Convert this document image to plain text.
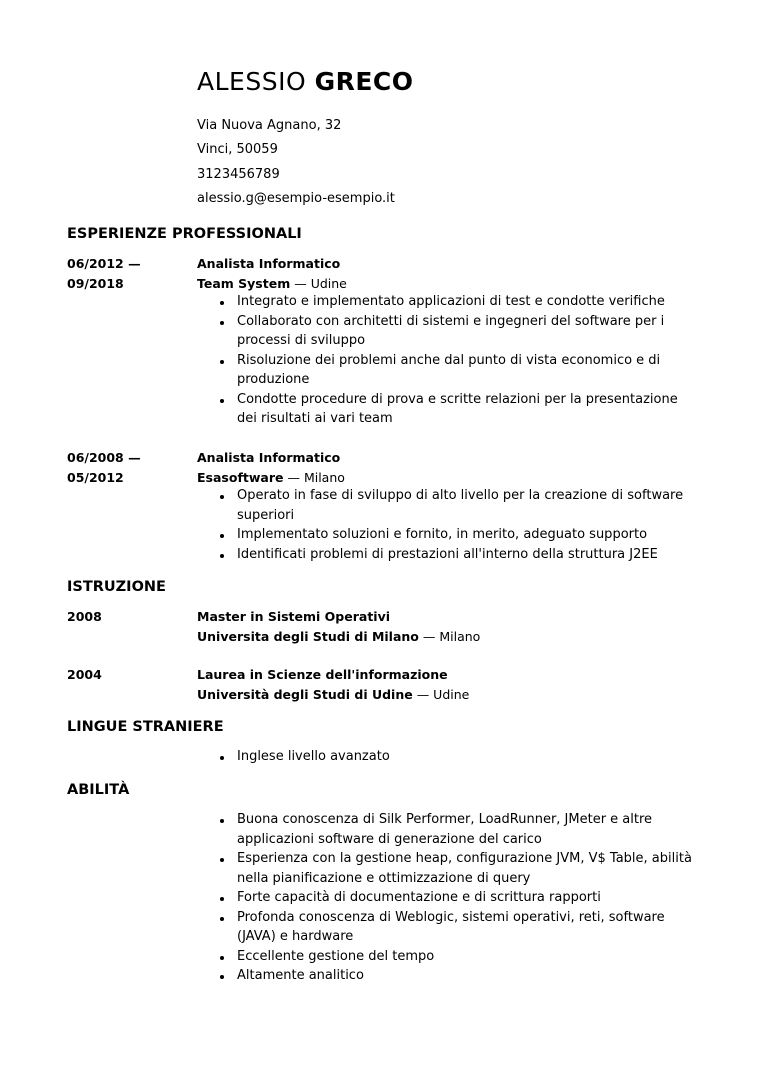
ALESSIO GRECO
Via Nuova Agnano, 32
Vinci, 50059
3123456789
alessio.g@esempio-esempio.it
ESPERIENZE PROFESSIONALI
06/2012 —
09/2018
Analista Informatico
Team System — Udine
Integrato e implementato applicazioni di test e condotte verifiche
Collaborato con architetti di sistemi e ingegneri del software per i processi di sviluppo
Risoluzione dei problemi anche dal punto di vista economico e di produzione
Condotte procedure di prova e scritte relazioni per la presentazione dei risultati ai vari team
06/2008 —
05/2012
Analista Informatico
Esasoftware — Milano
Operato in fase di sviluppo di alto livello per la creazione di software superiori
Implementato soluzioni e fornito, in merito, adeguato supporto
Identificati problemi di prestazioni all'interno della struttura J2EE
ISTRUZIONE
2008	Master in Sistemi Operativi
Universita degli Studi di Milano — Milano
2004	Laurea in Scienze dell'informazione
Università degli Studi di Udine — Udine
LINGUE STRANIERE
Inglese livello avanzato
ABILITÀ
Buona conoscenza di Silk Performer, LoadRunner, JMeter e altre applicazioni software di generazione del carico
Esperienza con la gestione heap, configurazione JVM, V$ Table, abilità nella pianificazione e ottimizzazione di query
Forte capacità di documentazione e di scrittura rapporti
Profonda conoscenza di Weblogic, sistemi operativi, reti, software (JAVA) e hardware
Eccellente gestione del tempo
Altamente analitico
